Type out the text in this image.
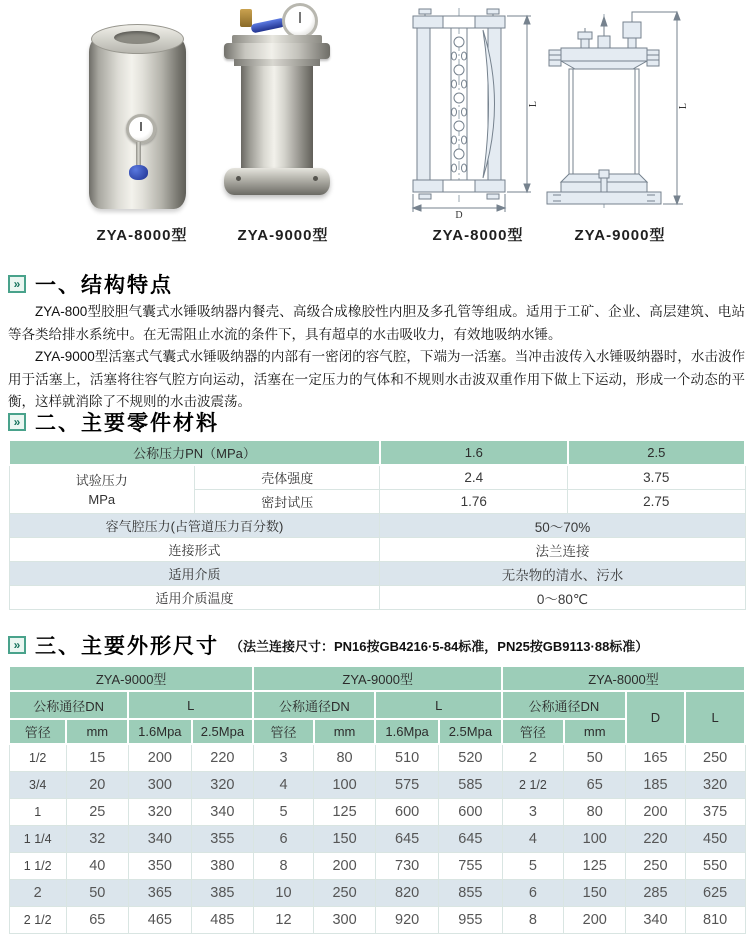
L
D
L
ZYA-8000型	ZYA-9000型	ZYA-8000型	ZYA-9000型
» 一、结构特点

ZYA-800型胶胆气囊式水锤吸纳器内餐壳、高级合成橡胶性内胆及多孔管等组成。适用于工矿、企业、高层建筑、电站等各类给排水系统中。在无需阻止水流的条件下，具有超卓的水击吸收力，有效地吸纳水锤。

ZYA-9000型活塞式气囊式水锤吸纳器的内部有一密闭的容气腔，下端为一活塞。当冲击波传入水锤吸纳器时，水击波作用于活塞上，活塞将往容气腔方向运动，活塞在一定压力的气体和不规则水击波双重作用下做上下运动，形成一个动态的平衡，这样就消除了不规则的水击波震荡。

» 二、主要零件材料
公称压力PN（MPa）		1.6	2.5

试验压力
MPa	壳体强度	2.4	3.75
	密封试压	1.76	2.75
容气腔压力(占管道压力百分数)		50～70%	
连接形式		法兰连接	
适用介质		无杂物的清水、污水	
适用介质温度		0～80℃	
» 三、主要外形尺寸 （法兰连接尺寸：PN16按GB4216·5-84标准，PN25按GB9113·88标准）
ZYA-9000型				ZYA-9000型				ZYA-8000型			
公称通径DN		L		公称通径DN		L		公称通径DN		D	L
管径	mm	1.6Mpa	2.5Mpa	管径	mm	1.6Mpa	2.5Mpa	管径	mm		
1/2	15	200	220	3	80	510	520	2	50	165	250
3/4	20	300	320	4	100	575	585	2 1/2	65	185	320
1	25	320	340	5	125	600	600	3	80	200	375
1 1/4	32	340	355	6	150	645	645	4	100	220	450
1 1/2	40	350	380	8	200	730	755	5	125	250	550
2	50	365	385	10	250	820	855	6	150	285	625
2 1/2	65	465	485	12	300	920	955	8	200	340	810
